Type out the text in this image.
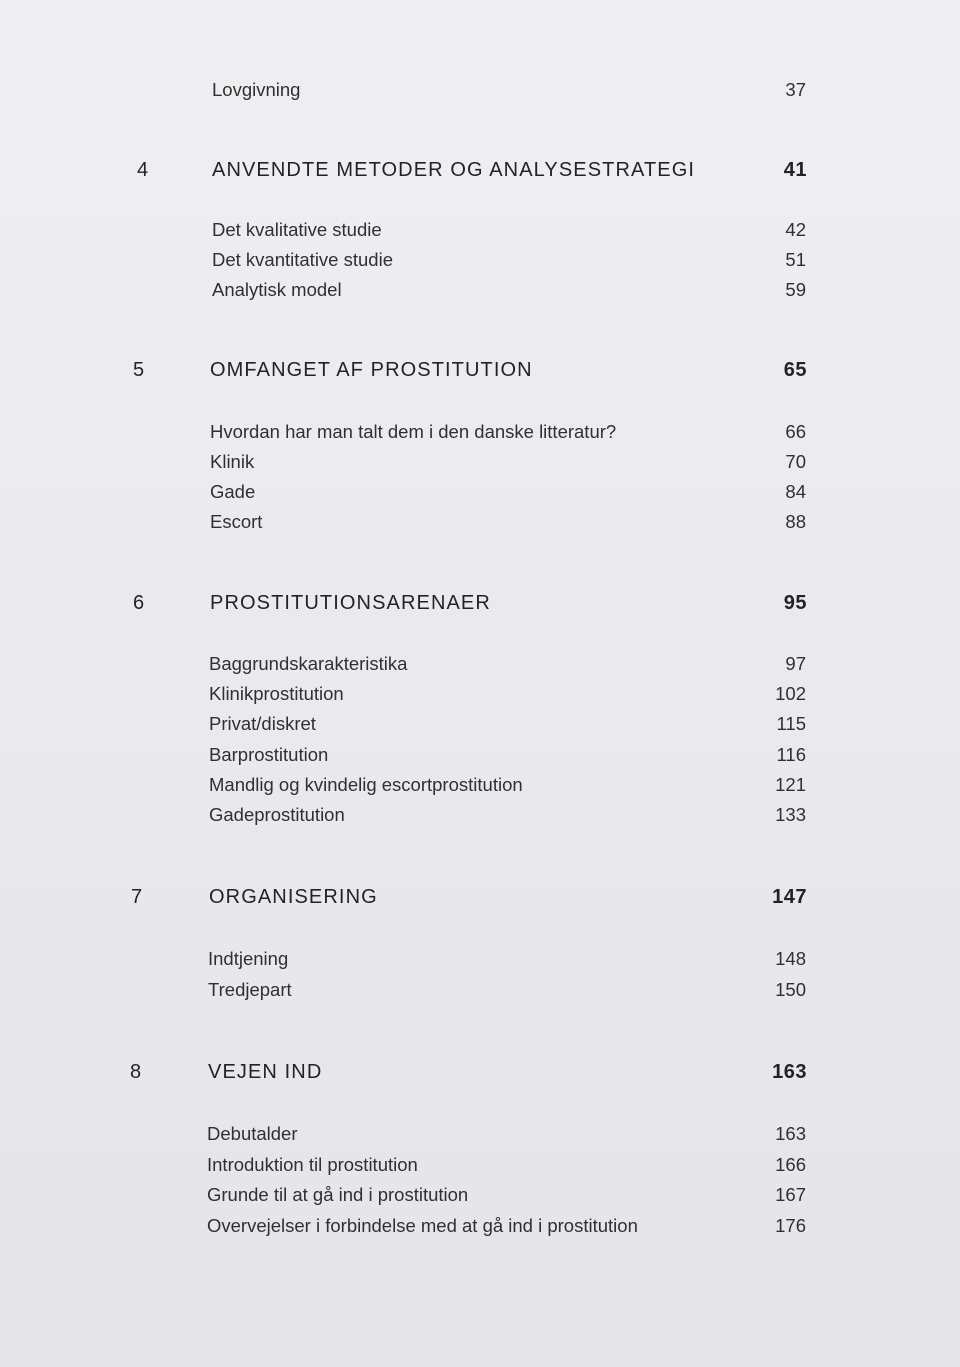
Lovgivning	37
4	ANVENDTE METODER OG ANALYSESTRATEGI	41
Det kvalitative studie	42
Det kvantitative studie	51
Analytisk model	59
5	OMFANGET AF PROSTITUTION	65
Hvordan har man talt dem i den danske litteratur?	66
Klinik	70
Gade	84
Escort	88
6	PROSTITUTIONSARENAER	95
Baggrundskarakteristika	97
Klinikprostitution	102
Privat/diskret	115
Barprostitution	116
Mandlig og kvindelig escortprostitution	121
Gadeprostitution	133
7	ORGANISERING	147
Indtjening	148
Tredjepart	150
8	VEJEN IND	163
Debutalder	163
Introduktion til prostitution	166
Grunde til at gå ind i prostitution	167
Overvejelser i forbindelse med at gå ind i prostitution	176
